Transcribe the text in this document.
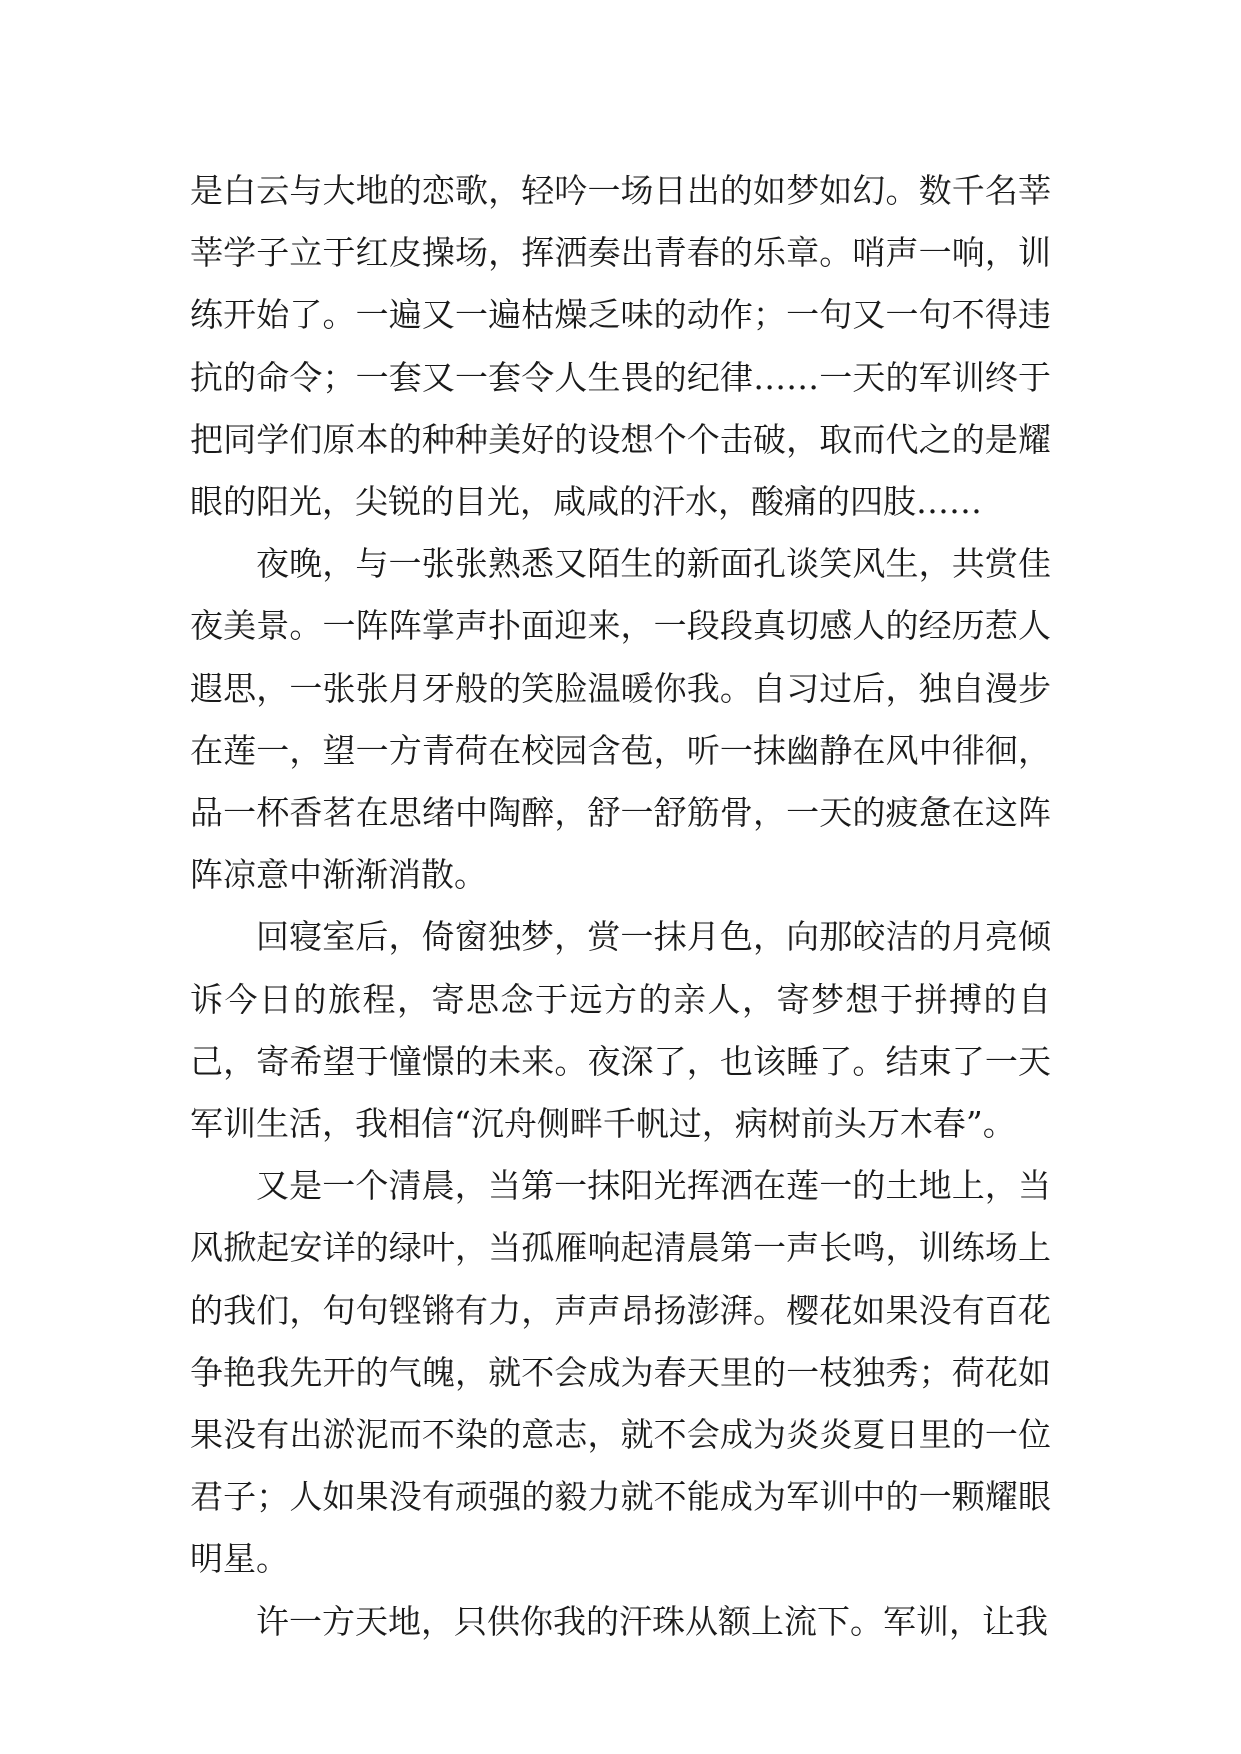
是白云与大地的恋歌，轻吟一场日出的如梦如幻。数千名莘莘学子立于红皮操场，挥洒奏出青春的乐章。哨声一响，训练开始了。一遍又一遍枯燥乏味的动作；一句又一句不得违抗的命令；一套又一套令人生畏的纪律……一天的军训终于把同学们原本的种种美好的设想个个击破，取而代之的是耀眼的阳光，尖锐的目光，咸咸的汗水，酸痛的四肢……

夜晚，与一张张熟悉又陌生的新面孔谈笑风生，共赏佳夜美景。一阵阵掌声扑面迎来，一段段真切感人的经历惹人遐思，一张张月牙般的笑脸温暖你我。自习过后，独自漫步在莲一，望一方青荷在校园含苞，听一抹幽静在风中徘徊，品一杯香茗在思绪中陶醉，舒一舒筋骨，一天的疲惫在这阵阵凉意中渐渐消散。

回寝室后，倚窗独梦，赏一抹月色，向那皎洁的月亮倾诉今日的旅程，寄思念于远方的亲人，寄梦想于拼搏的自己，寄希望于憧憬的未来。夜深了，也该睡了。结束了一天军训生活，我相信“沉舟侧畔千帆过，病树前头万木春”。

又是一个清晨，当第一抹阳光挥洒在莲一的土地上，当风掀起安详的绿叶，当孤雁响起清晨第一声长鸣，训练场上的我们，句句铿锵有力，声声昂扬澎湃。樱花如果没有百花争艳我先开的气魄，就不会成为春天里的一枝独秀；荷花如果没有出淤泥而不染的意志，就不会成为炎炎夏日里的一位君子；人如果没有顽强的毅力就不能成为军训中的一颗耀眼明星。

许一方天地，只供你我的汗珠从额上流下。军训，让我
